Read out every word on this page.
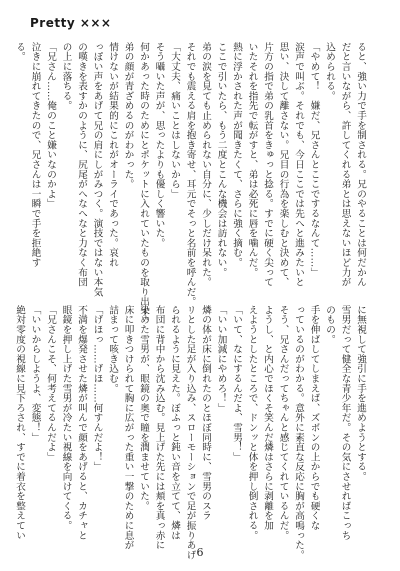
Pretty ×××
ると、強い力で手を制される。兄のやることは何だかん
だと言いながら、許してくれる弟とは思えないほど力が
込められる。
「やめて！　嫌だ、兄さんとここでするなんて……」
涙声で叫ぶ。それでも、今日ここでは先へと進みたいと
思い、決して離さない。兄目の行為を楽しむと決めて、
片方の指で弟の乳首をきゅっと捻る。すでに硬く尖って
いたそれを指先で転がすと、弟は必死に唇を噛んだ。
熱に浮かされた声が聞きたくて、さらに強く摘む。
ここで引いたら、もう二度とこんな機会は訪れない。
弟の涙を見ても止められない自分に、少しだけ呆れた。
それでも震える肩を抱き寄せ、耳元でそっと名前を呼んだ。
「大丈夫、痛いことはしないから」
そう囁いた声が、思ったよりも優しく響いた。
何かあった時のためにとポケットに入れていたものを取り出す。
弟の顔が青ざめるのがわかった。
情けないが結果的にこれがオーライであった。哀れ
っぽい声をあげて兄の肩にしがみつく。演技ではない本気
の嘆きを表すかのように、尻尾がへなへなと力なく布団
の上に落ちる。
「兄さん……俺のこと嫌いなのかよ」
泣きに崩れてきたので、兄さんは一瞬で手を拒絶す
る。
に無視して強引に手を進めようとする。
雪男だって健全な青少年だ。その気にさせればこっち
のもの。
手を伸ばしてしまえば、ズボンの上からでも硬くな
っているのがわかる。意外に素直な反応に胸が高鳴った。
そう、兄さんだってちゃんと感じてくれているんだ。
ようし、と内心でほくそ笑んだ燐はさらに剥離を加
えようとしたところで、ドンッと体を押し倒される。
「いて、なにするんだよ、雪男！」
「いい加減にやめろ！」
燐の体が床に倒れたのとほぼ同時に、雪男のスラ
リとした足が入り込み、スローモーションで足が振りあげ
られるように見えた。ぼふっと鈍い音を立てて、燐は
布団に背中から沈み込む。見上げた先には頬を真っ赤に
染めた雪男が、眼鏡の奥で瞳を潤ませていた。
床に叩きつけられて胸に広がった重い一撃のために息が
詰まって咳き込む。
「げほっ……げほ……何すんだよ！」
不満を爆発させた燐が叫んで顔をあげると、カチャと
眼鏡を押し上げた雪男が冷たい視線を向けてくる。
「兄さんこそ、何考えてるんだよ」
「いいからしようよ、変態！」
絶対零度の視線に見下ろされ、すでに着衣を整えてい
6
